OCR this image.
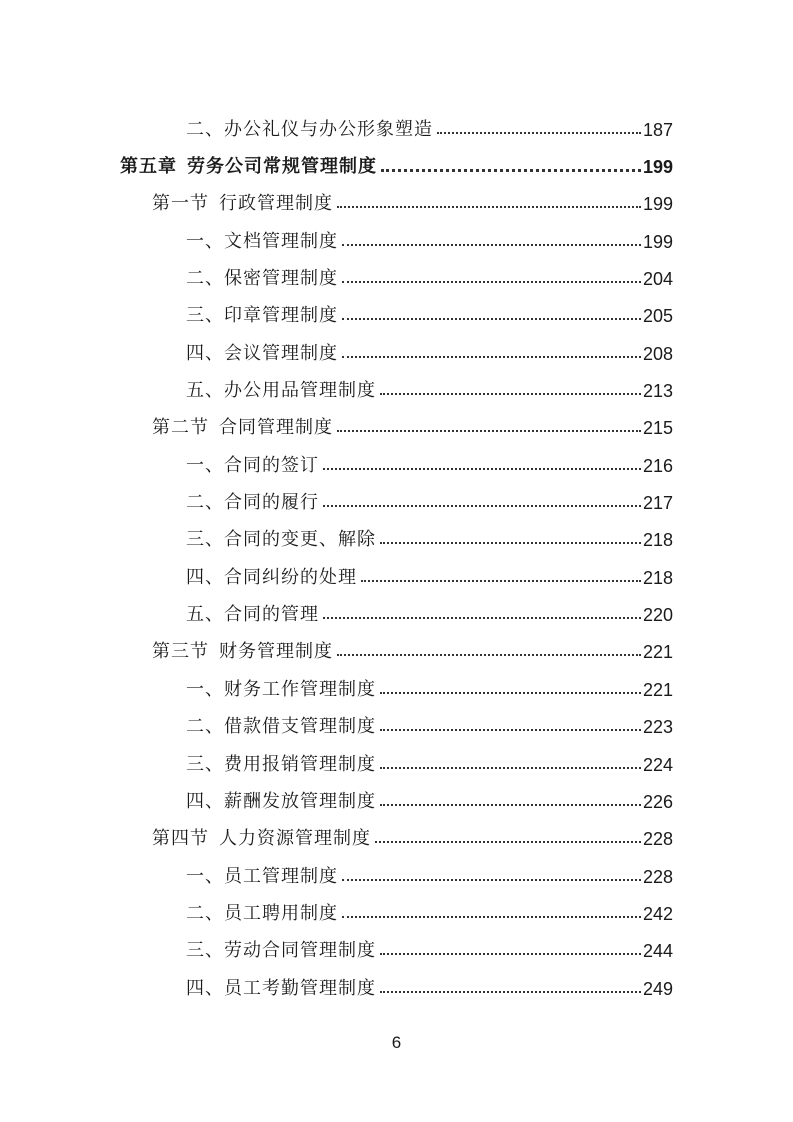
二、办公礼仪与办公形象塑造	187
第五章 劳务公司常规管理制度	199
第一节 行政管理制度	199
一、文档管理制度	199
二、保密管理制度	204
三、印章管理制度	205
四、会议管理制度	208
五、办公用品管理制度	213
第二节 合同管理制度	215
一、合同的签订	216
二、合同的履行	217
三、合同的变更、解除	218
四、合同纠纷的处理	218
五、合同的管理	220
第三节 财务管理制度	221
一、财务工作管理制度	221
二、借款借支管理制度	223
三、费用报销管理制度	224
四、薪酬发放管理制度	226
第四节 人力资源管理制度	228
一、员工管理制度	228
二、员工聘用制度	242
三、劳动合同管理制度	244
四、员工考勤管理制度	249
6
